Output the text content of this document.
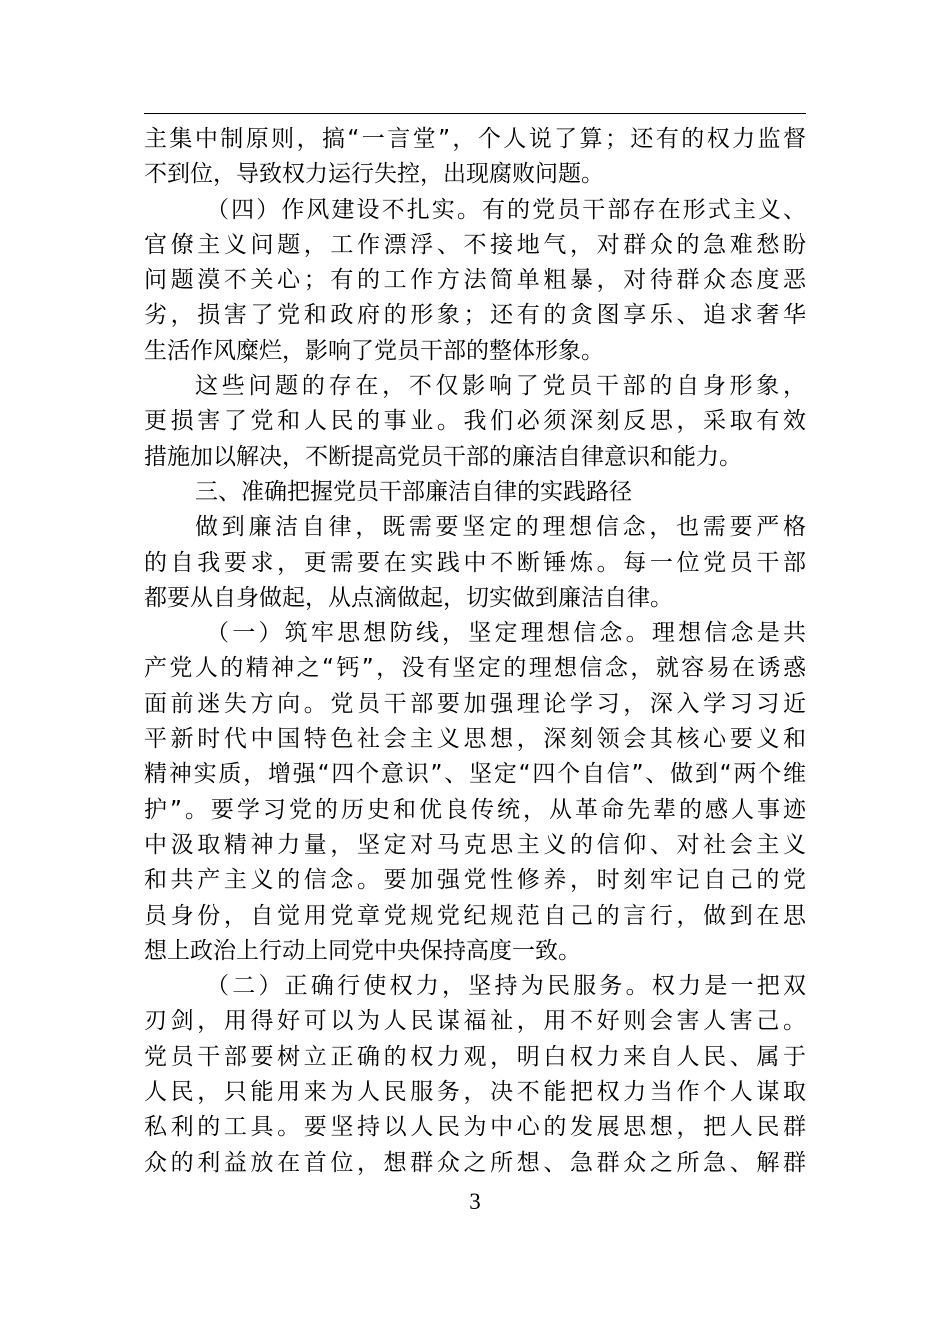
主集中制原则，搞“一言堂”，个人说了算；还有的权力监督
不到位，导致权力运行失控，出现腐败问题。
（四）作风建设不扎实。有的党员干部存在形式主义、
官僚主义问题，工作漂浮、不接地气，对群众的急难愁盼
问题漠不关心；有的工作方法简单粗暴，对待群众态度恶
劣，损害了党和政府的形象；还有的贪图享乐、追求奢华
生活作风糜烂，影响了党员干部的整体形象。
这些问题的存在，不仅影响了党员干部的自身形象，
更损害了党和人民的事业。我们必须深刻反思，采取有效
措施加以解决，不断提高党员干部的廉洁自律意识和能力。
三、准确把握党员干部廉洁自律的实践路径
做到廉洁自律，既需要坚定的理想信念，也需要严格
的自我要求，更需要在实践中不断锤炼。每一位党员干部
都要从自身做起，从点滴做起，切实做到廉洁自律。
（一）筑牢思想防线，坚定理想信念。理想信念是共
产党人的精神之“钙”，没有坚定的理想信念，就容易在诱惑
面前迷失方向。党员干部要加强理论学习，深入学习习近
平新时代中国特色社会主义思想，深刻领会其核心要义和
精神实质，增强“四个意识”、坚定“四个自信”、做到“两个维
护”。要学习党的历史和优良传统，从革命先辈的感人事迹
中汲取精神力量，坚定对马克思主义的信仰、对社会主义
和共产主义的信念。要加强党性修养，时刻牢记自己的党
员身份，自觉用党章党规党纪规范自己的言行，做到在思
想上政治上行动上同党中央保持高度一致。
（二）正确行使权力，坚持为民服务。权力是一把双
刃剑，用得好可以为人民谋福祉，用不好则会害人害己。
党员干部要树立正确的权力观，明白权力来自人民、属于
人民，只能用来为人民服务，决不能把权力当作个人谋取
私利的工具。要坚持以人民为中心的发展思想，把人民群
众的利益放在首位，想群众之所想、急群众之所急、解群
3
